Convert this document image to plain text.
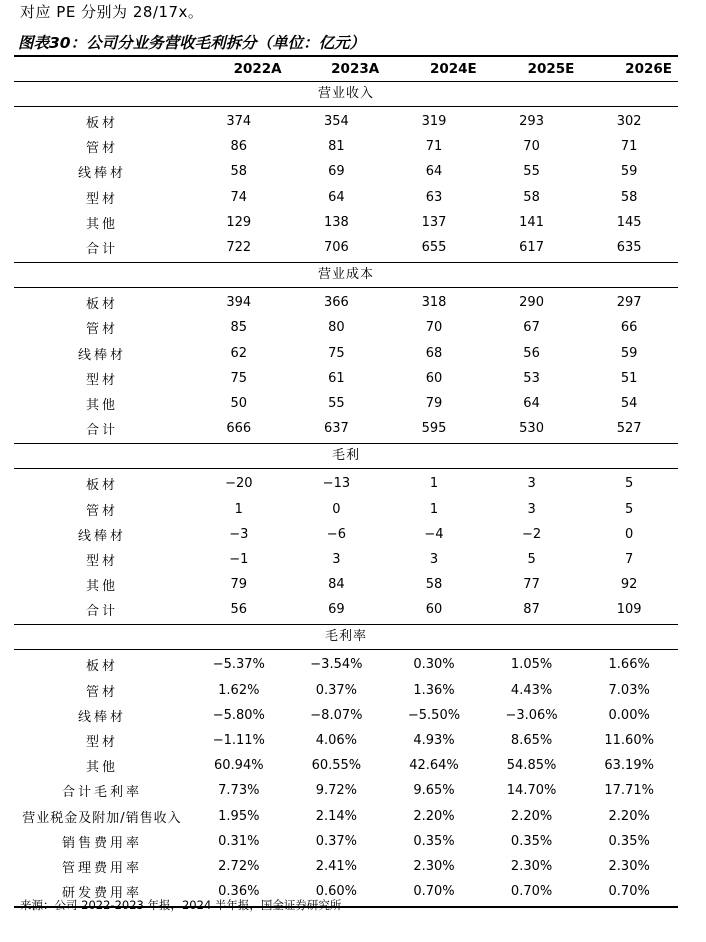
对应 PE 分别为 28/17x。
图表30：公司分业务营收毛利拆分（单位：亿元）
2022A	2023A	2024E	2025E	2026E
营业收入
板材	374	354	319	293	302
管材	86	81	71	70	71
线棒材	58	69	64	55	59
型材	74	64	63	58	58
其他	129	138	137	141	145
合计	722	706	655	617	635
营业成本
板材	394	366	318	290	297
管材	85	80	70	67	66
线棒材	62	75	68	56	59
型材	75	61	60	53	51
其他	50	55	79	64	54
合计	666	637	595	530	527
毛利
板材	−20	−13	1	3	5
管材	1	0	1	3	5
线棒材	−3	−6	−4	−2	0
型材	−1	3	3	5	7
其他	79	84	58	77	92
合计	56	69	60	87	109
毛利率
板材	−5.37%	−3.54%	0.30%	1.05%	1.66%
管材	1.62%	0.37%	1.36%	4.43%	7.03%
线棒材	−5.80%	−8.07%	−5.50%	−3.06%	0.00%
型材	−1.11%	4.06%	4.93%	8.65%	11.60%
其他	60.94%	60.55%	42.64%	54.85%	63.19%
合计毛利率	7.73%	9.72%	9.65%	14.70%	17.71%
营业税金及附加/销售收入	1.95%	2.14%	2.20%	2.20%	2.20%
销售费用率	0.31%	0.37%	0.35%	0.35%	0.35%
管理费用率	2.72%	2.41%	2.30%	2.30%	2.30%
研发费用率	0.36%	0.60%	0.70%	0.70%	0.70%
来源：公司 2022-2023 年报，2024 半年报，国金证券研究所
